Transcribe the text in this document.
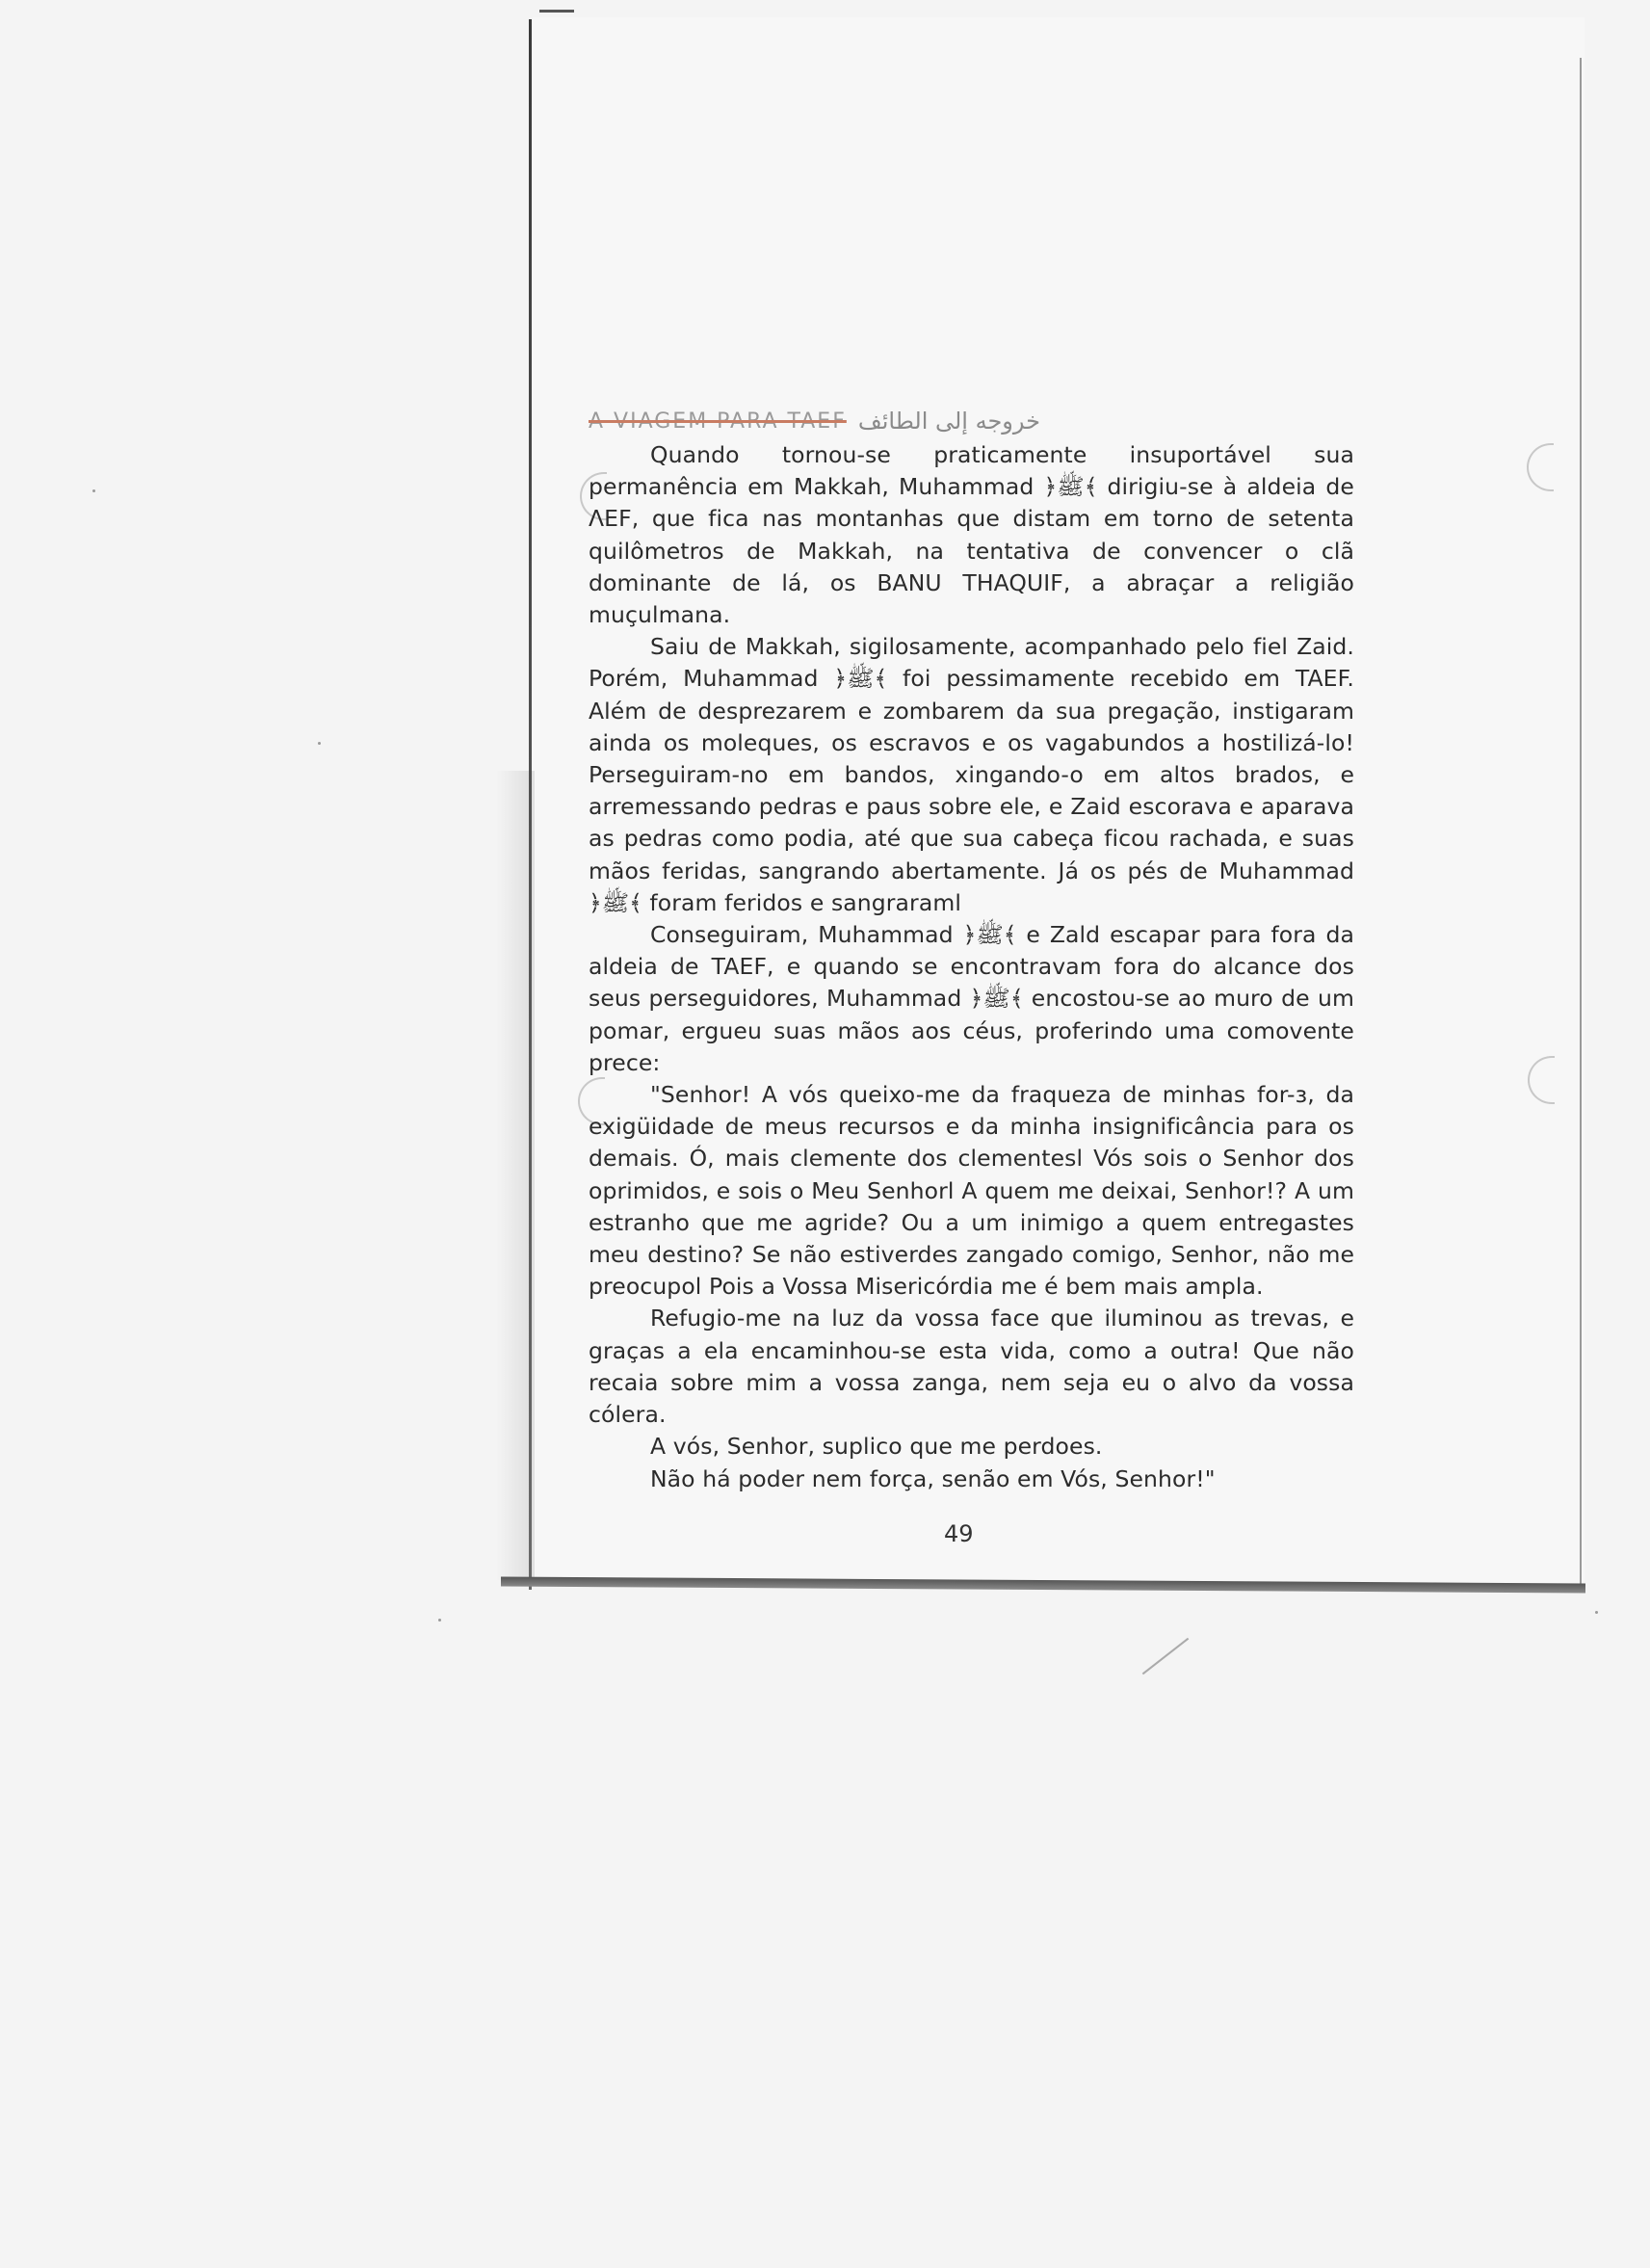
A VIAGEM PARA TAEF خروجه إلى الطائف

Quando tornou-se praticamente insuportável sua permanência em Makkah, Muhammad ﴿ﷺ﴾ dirigiu-se à aldeia de ΛEF, que fica nas montanhas que distam em torno de setenta quilômetros de Makkah, na tentativa de convencer o clã dominante de lá, os BANU THAQUIF, a abraçar a religião muçulmana.

Saiu de Makkah, sigilosamente, acompanhado pelo fiel Zaid. Porém, Muhammad ﴿ﷺ﴾ foi pessimamente recebido em TAEF. Além de desprezarem e zombarem da sua pregação, instigaram ainda os moleques, os escravos e os vagabundos a hostilizá-lo! Perseguiram-no em bandos, xingando-o em altos brados, e arremessando pedras e paus sobre ele, e Zaid escorava e aparava as pedras como podia, até que sua cabeça ficou rachada, e suas mãos feridas, sangrando abertamente. Já os pés de Muhammad ﴿ﷺ﴾ foram feridos e sangraraml

Conseguiram, Muhammad ﴿ﷺ﴾ e Zald escapar para fora da aldeia de TAEF, e quando se encontravam fora do alcance dos seus perseguidores, Muhammad ﴿ﷺ﴾ encostou-se ao muro de um pomar, ergueu suas mãos aos céus, proferindo uma comovente prece:

"Senhor! A vós queixo-me da fraqueza de minhas for-ɜ, da exigüidade de meus recursos e da minha insignificância para os demais. Ó, mais clemente dos clementesl Vós sois o Senhor dos oprimidos, e sois o Meu Senhorl A quem me deixai, Senhor!? A um estranho que me agride? Ou a um inimigo a quem entregastes meu destino? Se não estiverdes zangado comigo, Senhor, não me preocupol Pois a Vossa Misericórdia me é bem mais ampla.

Refugio-me na luz da vossa face que iluminou as trevas, e graças a ela encaminhou-se esta vida, como a outra! Que não recaia sobre mim a vossa zanga, nem seja eu o alvo da vossa cólera.

A vós, Senhor, suplico que me perdoes.

Não há poder nem força, senão em Vós, Senhor!"

49
